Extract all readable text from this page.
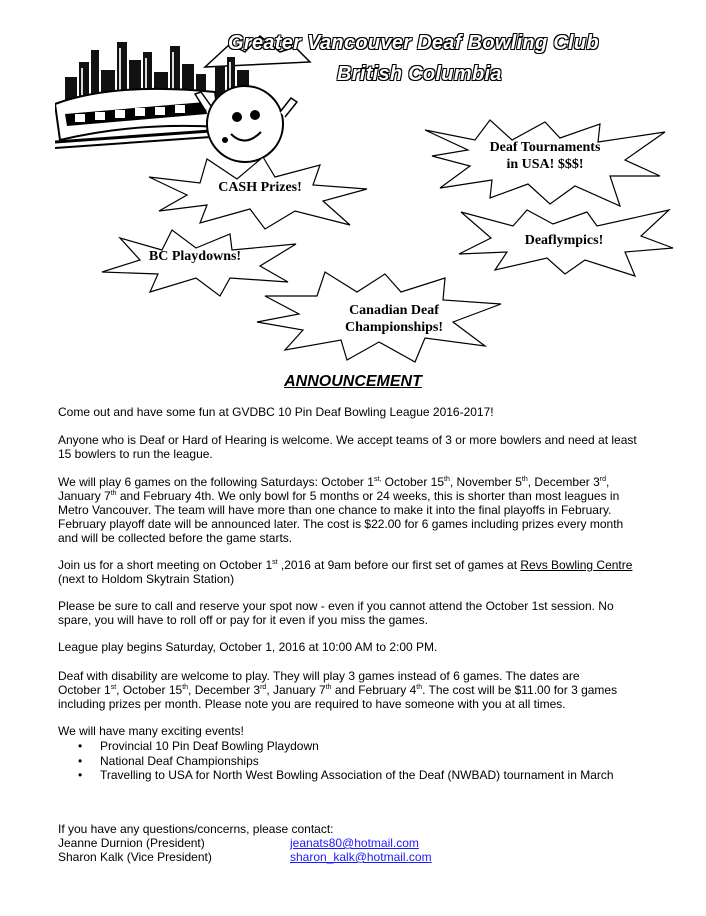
Greater Vancouver Deaf Bowling Club
British Columbia
Deaf Tournaments
in USA! $$$!
CASH Prizes!
Deaflympics!
BC Playdowns!
Canadian Deaf
Championships!
ANNOUNCEMENT
Come out and have some fun at GVDBC 10 Pin Deaf Bowling League 2016-2017!
Anyone who is Deaf or Hard of Hearing is welcome. We accept teams of 3 or more bowlers and need at least
15 bowlers to run the league.
We will play 6 games on the following Saturdays: October $1^{st,}$ October 15th, November 5th, December 3rd,
January 7th and February 4th. We only bowl for 5 months or 24 weeks, this is shorter than most leagues in
Metro Vancouver. The team will have more than one chance to make it into the final playoffs in February.
February playoff date will be announced later. The cost is $22.00 for 6 games including prizes every month
and will be collected before the game starts.
Join us for a short meeting on October 1st ,2016 at 9am before our first set of games at Revs Bowling Centre
(next to Holdom Skytrain Station)
Please be sure to call and reserve your spot now - even if you cannot attend the October 1st session. No
spare, you will have to roll off or pay for it even if you miss the games.
League play begins Saturday, October 1, 2016 at 10:00 AM to 2:00 PM.
Deaf with disability are welcome to play. They will play 3 games instead of 6 games. The dates are
October 1st, October 15th, December 3rd, January 7th and February 4th. The cost will be $11.00 for 3 games
including prizes per month. Please note you are required to have someone with you at all times.
We will have many exciting events!
• Provincial 10 Pin Deaf Bowling Playdown
• National Deaf Championships
• Travelling to USA for North West Bowling Association of the Deaf (NWBAD) tournament in March
If you have any questions/concerns, please contact:
Jeanne Durnion (President)	jeanats80@hotmail.com
Sharon Kalk (Vice President)	sharon_kalk@hotmail.com
